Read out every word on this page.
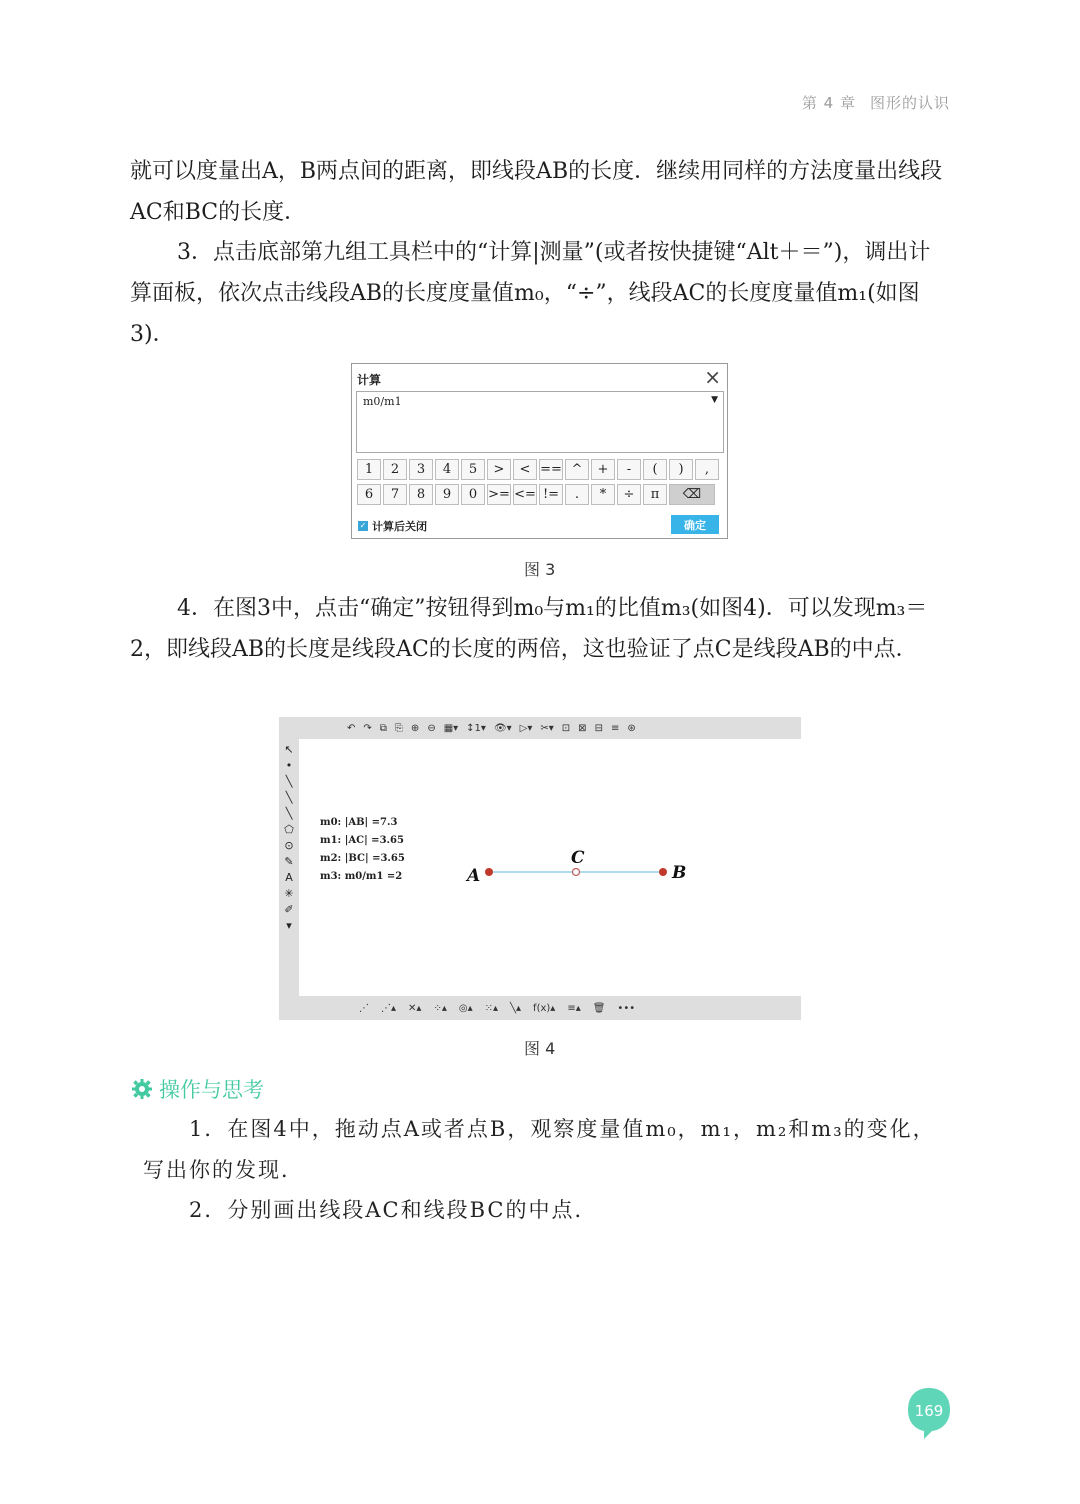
第 4 章 图形的认识
就可以度量出A，B两点间的距离，即线段AB的长度．继续用同样的方法度量出线段AC和BC的长度．
3．点击底部第九组工具栏中的“计算|测量”(或者按快捷键“Alt＋＝”)，调出计算面板，依次点击线段AB的长度度量值m₀，“÷”，线段AC的长度度量值m₁(如图3)．
计算	×
m0/m1	▼
1	2	3	4	5	>	< == ^	+	-	(	)	,
6	7	8	9	0 >= <= !=	.	*	÷	π	⌫
✓ 计算后关闭	确定
图 3
4．在图3中，点击“确定”按钮得到m₀与m₁的比值m₃(如图4)．可以发现m₃＝2，即线段AB的长度是线段AC的长度的两倍，这也验证了点C是线段AB的中点．
↖
•
╲
╲
╲
⬠
⊙
✎
A
✳
✐
▾
↶ ↷ ⧉ ⎘ ⊕ ⊖ ▦▾ ↕1▾ 👁▾ ▷▾ ✂▾ ⊡ ⊠ ⊟ ≡ ⊛
⋰ ⋰▴ ✕▴ ⁘▴ ◎▴ ⁙▴ ╲▴ f(x)▴ ≡▴ 🗑 •••
m0: |AB| =7.3
m1: |AC| =3.65
m2: |BC| =3.65
m3: m0/m1 =2	A
C
B
图 4
操作与思考
1．在图4中，拖动点A或者点B，观察度量值m₀，m₁，m₂和m₃的变化，写出你的发现．
2．分别画出线段AC和线段BC的中点．
169
